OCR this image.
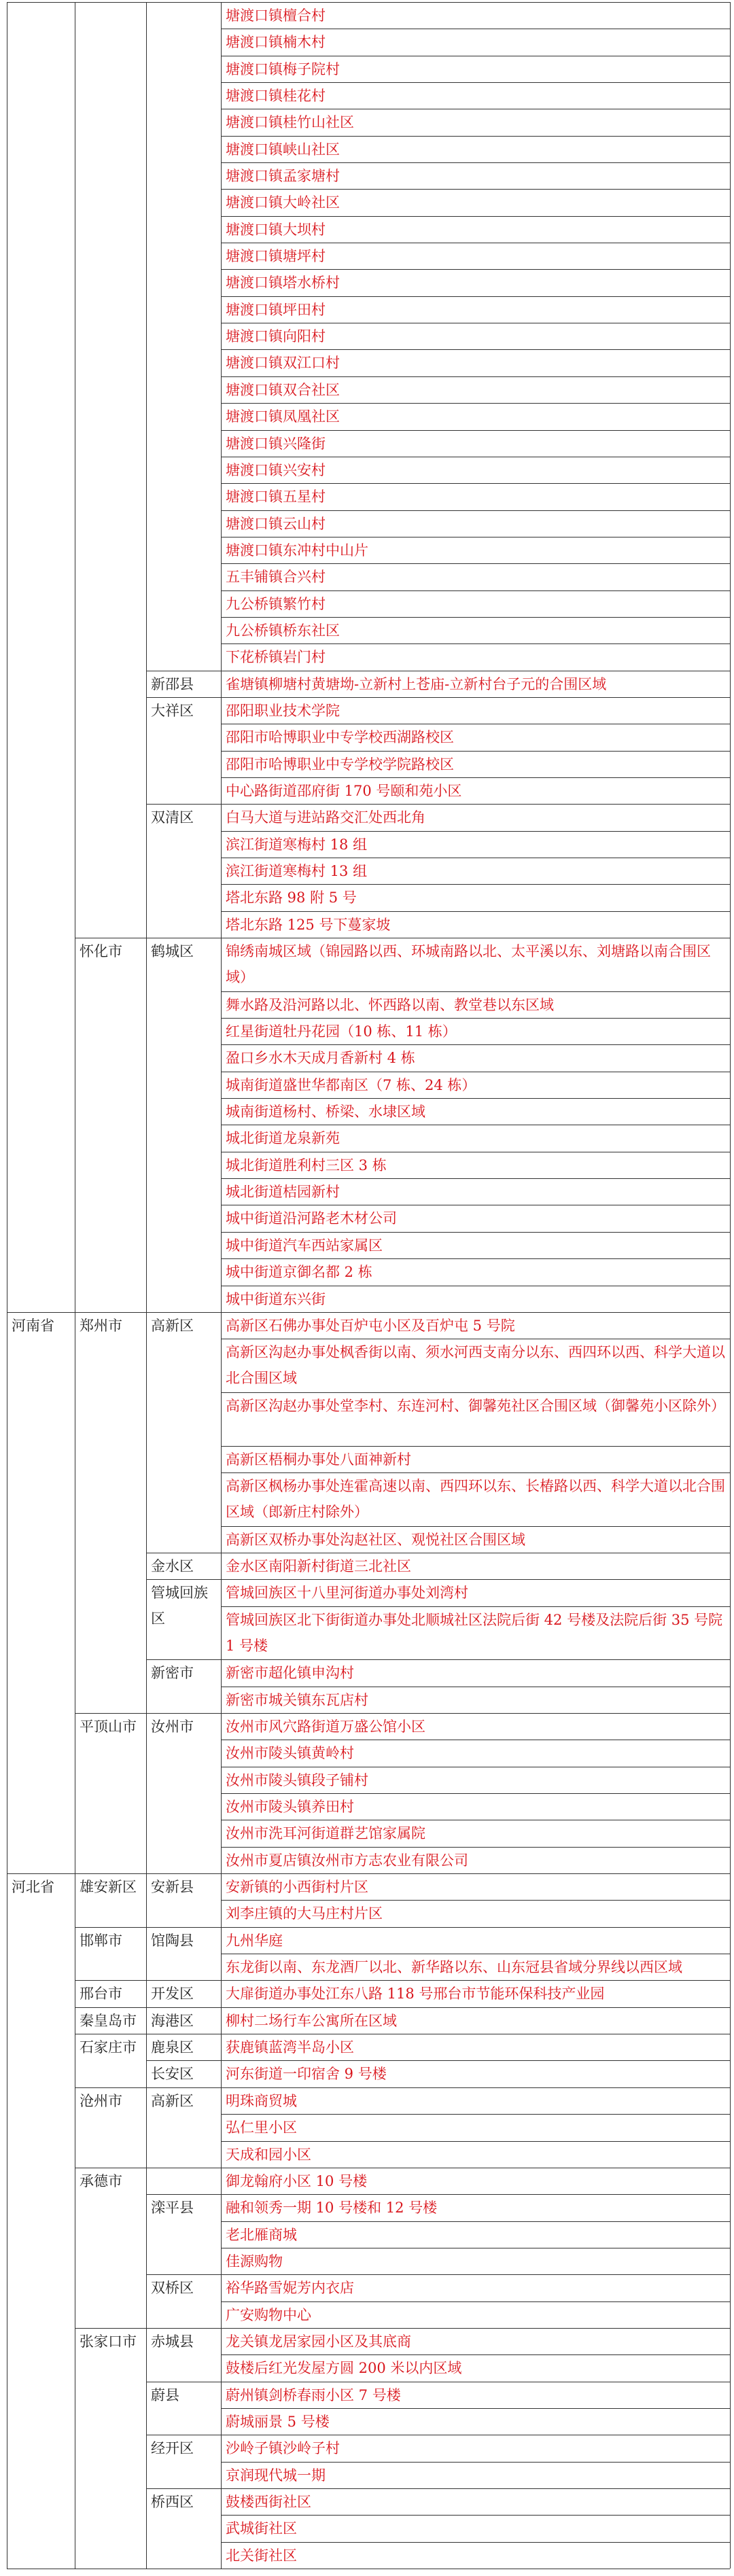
河南省
河北省
怀化市
郑州市
平顶山市
雄安新区
邯郸市
邢台市
秦皇岛市
石家庄市
沧州市
承德市
张家口市
新邵县
大祥区
双清区
鹤城区
高新区
金水区
管城回族区
新密市
汝州市
安新县
馆陶县
开发区
海港区
鹿泉区
长安区
高新区
滦平县
双桥区
赤城县
蔚县
经开区
桥西区
塘渡口镇檀合村
塘渡口镇楠木村
塘渡口镇梅子院村
塘渡口镇桂花村
塘渡口镇桂竹山社区
塘渡口镇峡山社区
塘渡口镇孟家塘村
塘渡口镇大岭社区
塘渡口镇大坝村
塘渡口镇塘坪村
塘渡口镇塔水桥村
塘渡口镇坪田村
塘渡口镇向阳村
塘渡口镇双江口村
塘渡口镇双合社区
塘渡口镇凤凰社区
塘渡口镇兴隆街
塘渡口镇兴安村
塘渡口镇五星村
塘渡口镇云山村
塘渡口镇东冲村中山片
五丰铺镇合兴村
九公桥镇繁竹村
九公桥镇桥东社区
下花桥镇岩门村
雀塘镇柳塘村黄塘坳-立新村上苍庙-立新村台子元的合围区域
邵阳职业技术学院
邵阳市哈博职业中专学校西湖路校区
邵阳市哈博职业中专学校学院路校区
中心路街道邵府街 170 号颐和苑小区
白马大道与进站路交汇处西北角
滨江街道寒梅村 18 组
滨江街道寒梅村 13 组
塔北东路 98 附 5 号
塔北东路 125 号下蔓家坡
锦绣南城区域（锦园路以西、环城南路以北、太平溪以东、刘塘路以南合围区域）
舞水路及沿河路以北、怀西路以南、教堂巷以东区域
红星街道牡丹花园（10 栋、11 栋）
盈口乡水木天成月香新村 4 栋
城南街道盛世华都南区（7 栋、24 栋）
城南街道杨村、桥梁、水埭区域
城北街道龙泉新苑
城北街道胜利村三区 3 栋
城北街道桔园新村
城中街道沿河路老木材公司
城中街道汽车西站家属区
城中街道京御名都 2 栋
城中街道东兴街
高新区石佛办事处百炉屯小区及百炉屯 5 号院
高新区沟赵办事处枫香街以南、须水河西支南分以东、西四环以西、科学大道以北合围区域
高新区沟赵办事处堂李村、东连河村、御馨苑社区合围区域（御馨苑小区除外）
高新区梧桐办事处八面神新村
高新区枫杨办事处连霍高速以南、西四环以东、长椿路以西、科学大道以北合围区域（郎新庄村除外）
高新区双桥办事处沟赵社区、观悦社区合围区域
金水区南阳新村街道三北社区
管城回族区十八里河街道办事处刘湾村
管城回族区北下街街道办事处北顺城社区法院后街 42 号楼及法院后街 35 号院 1 号楼
新密市超化镇申沟村
新密市城关镇东瓦店村
汝州市风穴路街道万盛公馆小区
汝州市陵头镇黄岭村
汝州市陵头镇段子铺村
汝州市陵头镇养田村
汝州市洗耳河街道群艺馆家属院
汝州市夏店镇汝州市方志农业有限公司
安新镇的小西街村片区
刘李庄镇的大马庄村片区
九州华庭
东龙街以南、东龙酒厂以北、新华路以东、山东冠县省域分界线以西区域
大扉街道办事处江东八路 118 号邢台市节能环保科技产业园
柳村二场行车公寓所在区域
获鹿镇蓝湾半岛小区
河东街道一印宿舍 9 号楼
明珠商贸城
弘仁里小区
天成和园小区
御龙翰府小区 10 号楼
融和领秀一期 10 号楼和 12 号楼
老北雁商城
佳源购物
裕华路雪妮芳内衣店
广安购物中心
龙关镇龙居家园小区及其底商
鼓楼后红光发屋方圆 200 米以内区域
蔚州镇剑桥春雨小区 7 号楼
蔚城丽景 5 号楼
沙岭子镇沙岭子村
京润现代城一期
鼓楼西街社区
武城街社区
北关街社区
